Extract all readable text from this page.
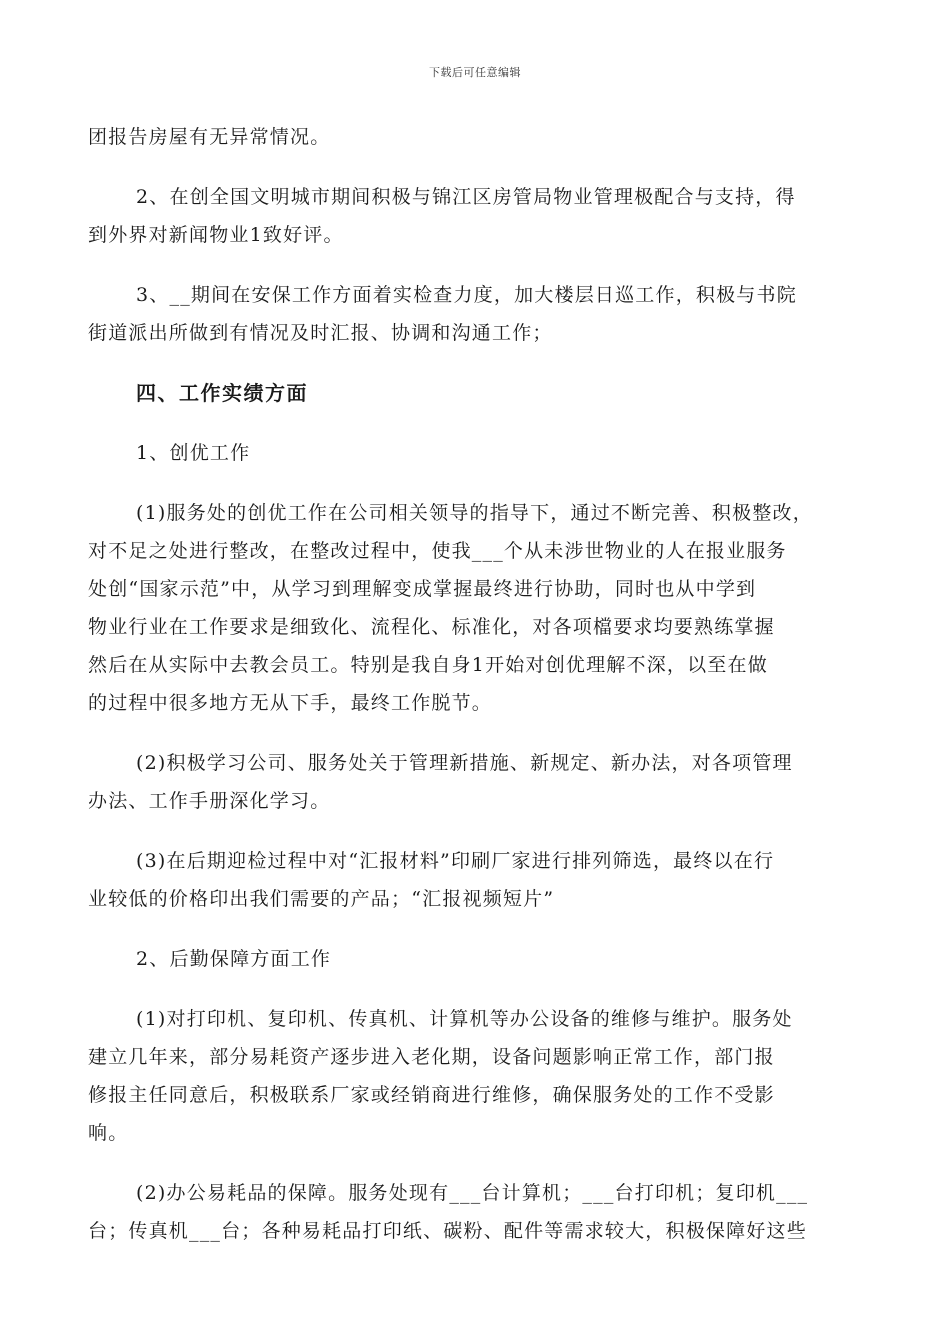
下载后可任意编辑
团报告房屋有无异常情况。
2、在创全国文明城市期间积极与锦江区房管局物业管理极配合与支持，得
到外界对新闻物业1致好评。
3、__期间在安保工作方面着实检查力度，加大楼层日巡工作，积极与书院
街道派出所做到有情况及时汇报、协调和沟通工作；
四、工作实绩方面
1、创优工作
(1)服务处的创优工作在公司相关领导的指导下，通过不断完善、积极整改，
对不足之处进行整改，在整改过程中，使我___个从未涉世物业的人在报业服务
处创“国家示范”中，从学习到理解变成掌握最终进行协助，同时也从中学到
物业行业在工作要求是细致化、流程化、标准化，对各项檔要求均要熟练掌握
然后在从实际中去教会员工。特别是我自身1开始对创优理解不深，以至在做
的过程中很多地方无从下手，最终工作脱节。
(2)积极学习公司、服务处关于管理新措施、新规定、新办法，对各项管理
办法、工作手册深化学习。
(3)在后期迎检过程中对“汇报材料”印刷厂家进行排列筛选，最终以在行
业较低的价格印出我们需要的产品；“汇报视频短片”
2、后勤保障方面工作
(1)对打印机、复印机、传真机、计算机等办公设备的维修与维护。服务处
建立几年来，部分易耗资产逐步进入老化期，设备问题影响正常工作，部门报
修报主任同意后，积极联系厂家或经销商进行维修，确保服务处的工作不受影
响。
(2)办公易耗品的保障。服务处现有___台计算机；___台打印机；复印机___
台；传真机___台；各种易耗品打印纸、碳粉、配件等需求较大，积极保障好这些
